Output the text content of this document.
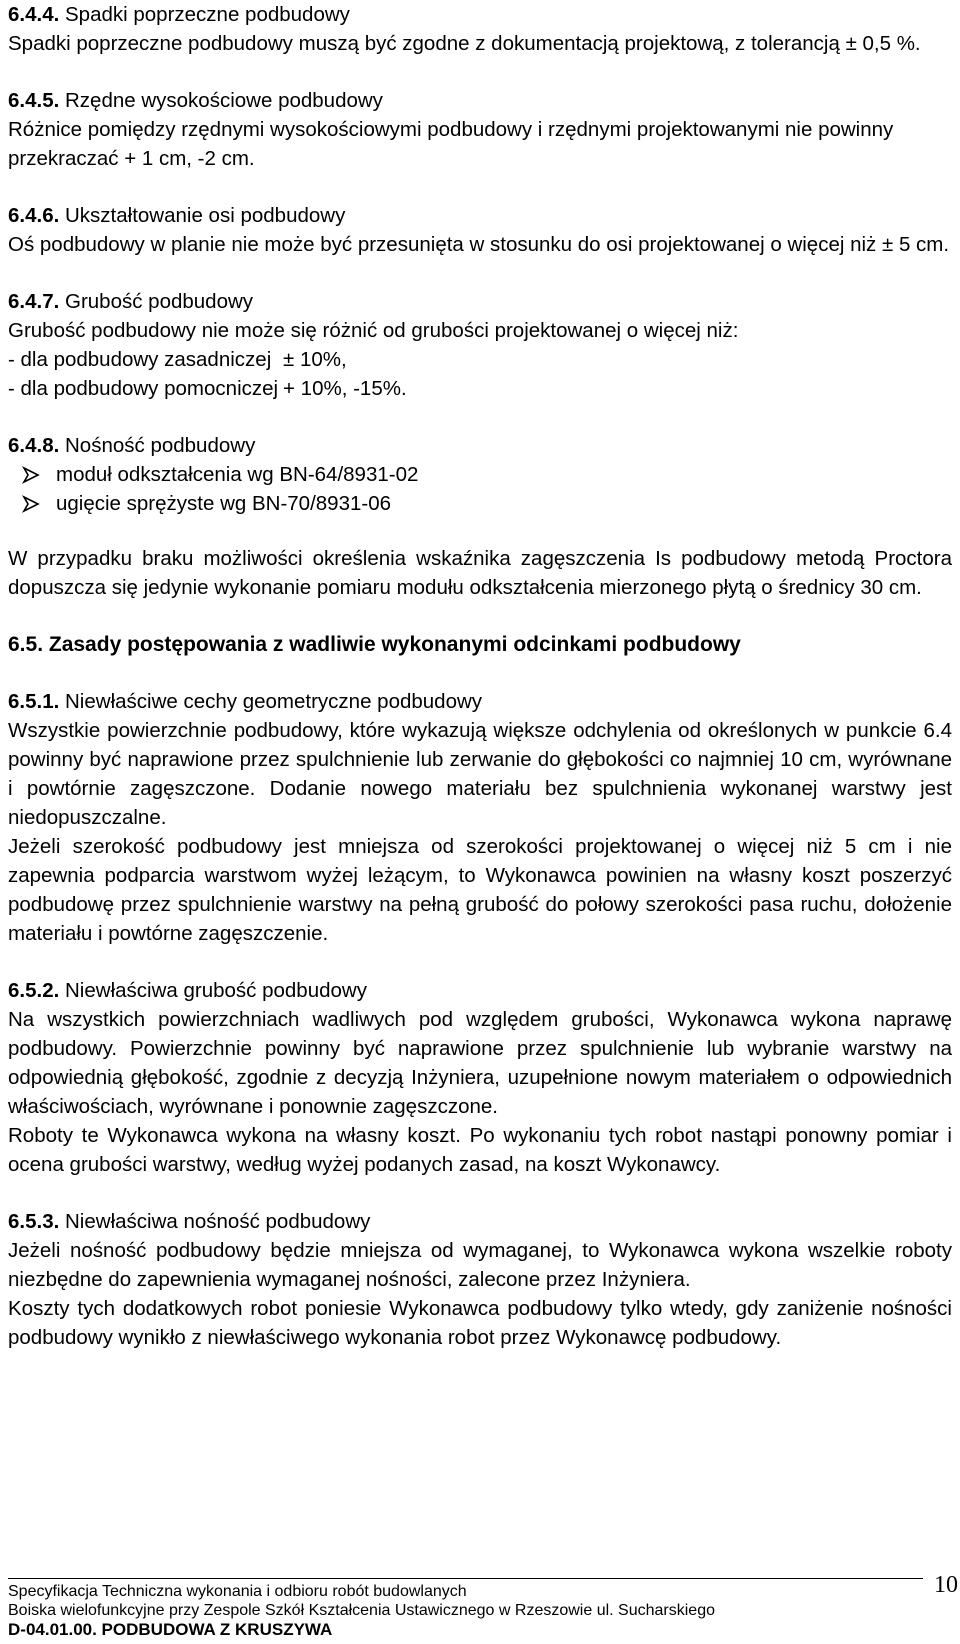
6.4.4. Spadki poprzeczne podbudowy

Spadki poprzeczne podbudowy muszą być zgodne z dokumentacją projektową, z tolerancją ± 0,5 %.

6.4.5. Rzędne wysokościowe podbudowy

Różnice pomiędzy rzędnymi wysokościowymi podbudowy i rzędnymi projektowanymi nie powinny przekraczać + 1 cm, -2 cm.

6.4.6. Ukształtowanie osi podbudowy

Oś podbudowy w planie nie może być przesunięta w stosunku do osi projektowanej o więcej niż ± 5 cm.

6.4.7. Grubość podbudowy

Grubość podbudowy nie może się różnić od grubości projektowanej o więcej niż:

- dla podbudowy zasadniczej ± 10%,

- dla podbudowy pomocniczej + 10%, -15%.

6.4.8. Nośność podbudowy

moduł odkształcenia wg BN-64/8931-02

ugięcie sprężyste wg BN-70/8931-06

W przypadku braku możliwości określenia wskaźnika zagęszczenia Is podbudowy metodą Proctora dopuszcza się jedynie wykonanie pomiaru modułu odkształcenia mierzonego płytą o średnicy 30 cm.

6.5. Zasady postępowania z wadliwie wykonanymi odcinkami podbudowy

6.5.1. Niewłaściwe cechy geometryczne podbudowy

Wszystkie powierzchnie podbudowy, które wykazują większe odchylenia od określonych w punkcie 6.4 powinny być naprawione przez spulchnienie lub zerwanie do głębokości co najmniej 10 cm, wyrównane i powtórnie zagęszczone. Dodanie nowego materiału bez spulchnienia wykonanej warstwy jest niedopuszczalne.

Jeżeli szerokość podbudowy jest mniejsza od szerokości projektowanej o więcej niż 5 cm i nie zapewnia podparcia warstwom wyżej leżącym, to Wykonawca powinien na własny koszt poszerzyć podbudowę przez spulchnienie warstwy na pełną grubość do połowy szerokości pasa ruchu, dołożenie materiału i powtórne zagęszczenie.

6.5.2. Niewłaściwa grubość podbudowy

Na wszystkich powierzchniach wadliwych pod względem grubości, Wykonawca wykona naprawę podbudowy. Powierzchnie powinny być naprawione przez spulchnienie lub wybranie warstwy na odpowiednią głębokość, zgodnie z decyzją Inżyniera, uzupełnione nowym materiałem o odpowiednich właściwościach, wyrównane i ponownie zagęszczone.

Roboty te Wykonawca wykona na własny koszt. Po wykonaniu tych robot nastąpi ponowny pomiar i ocena grubości warstwy, według wyżej podanych zasad, na koszt Wykonawcy.

6.5.3. Niewłaściwa nośność podbudowy

Jeżeli nośność podbudowy będzie mniejsza od wymaganej, to Wykonawca wykona wszelkie roboty niezbędne do zapewnienia wymaganej nośności, zalecone przez Inżyniera.

Koszty tych dodatkowych robot poniesie Wykonawca podbudowy tylko wtedy, gdy zaniżenie nośności podbudowy wynikło z niewłaściwego wykonania robot przez Wykonawcę podbudowy.

Specyfikacja Techniczna wykonania i odbioru robót budowlanych
Boiska wielofunkcyjne przy Zespole Szkół Kształcenia Ustawicznego w Rzeszowie ul. Sucharskiego
D-04.01.00. PODBUDOWA Z KRUSZYWA
10
